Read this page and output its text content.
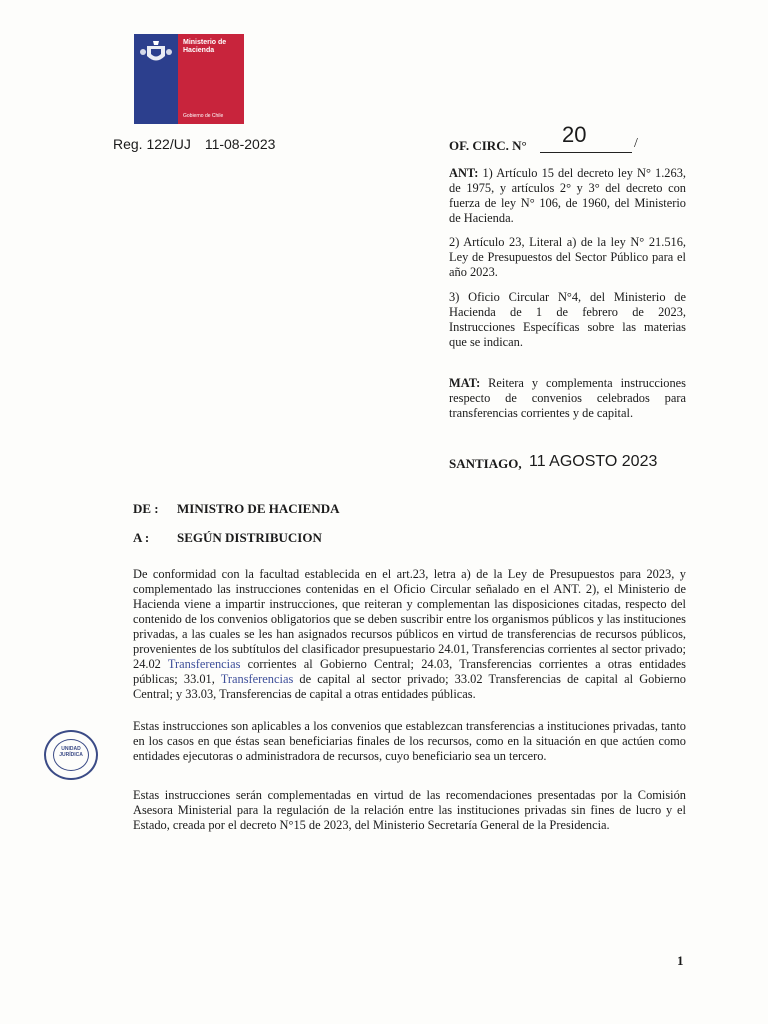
Ministerio de
Hacienda
Gobierno de Chile
Reg. 122/UJ 11-08-2023	OF. CIRC. N° 20	/
ANT: 1) Artículo 15 del decreto ley N° 1.263, de 1975, y artículos 2° y 3° del decreto con fuerza de ley N° 106, de 1960, del Ministerio de Hacienda.
2) Artículo 23, Literal a) de la ley N° 21.516, Ley de Presupuestos del Sector Público para el año 2023.
3) Oficio Circular N°4, del Ministerio de Hacienda de 1 de febrero de 2023, Instrucciones Específicas sobre las materias que se indican.
MAT: Reitera y complementa instrucciones respecto de convenios celebrados para transferencias corrientes y de capital.
SANTIAGO, 11 AGOSTO 2023
DE : MINISTRO DE HACIENDA
A : SEGÚN DISTRIBUCION
De conformidad con la facultad establecida en el art.23, letra a) de la Ley de Presupuestos para 2023, y complementado las instrucciones contenidas en el Oficio Circular señalado en el ANT. 2), el Ministerio de Hacienda viene a impartir instrucciones, que reiteran y complementan las disposiciones citadas, respecto del contenido de los convenios obligatorios que se deben suscribir entre los organismos públicos y las instituciones privadas, a las cuales se les han asignados recursos públicos en virtud de transferencias de recursos públicos, provenientes de los subtítulos del clasificador presupuestario 24.01, Transferencias corrientes al sector privado; 24.02 Transferencias corrientes al Gobierno Central; 24.03, Transferencias corrientes a otras entidades públicas; 33.01, Transferencias de capital al sector privado; 33.02 Transferencias de capital al Gobierno Central; y 33.03, Transferencias de capital a otras entidades públicas.
Estas instrucciones son aplicables a los convenios que establezcan transferencias a instituciones privadas, tanto en los casos en que éstas sean beneficiarias finales de los recursos, como en la situación en que actúen como entidades ejecutoras o administradora de recursos, cuyo beneficiario sea un tercero.
Estas instrucciones serán complementadas en virtud de las recomendaciones presentadas por la Comisión Asesora Ministerial para la regulación de la relación entre las instituciones privadas sin fines de lucro y el Estado, creada por el decreto N°15 de 2023, del Ministerio Secretaría General de la Presidencia.
UNIDAD
JURÍDICA
1
